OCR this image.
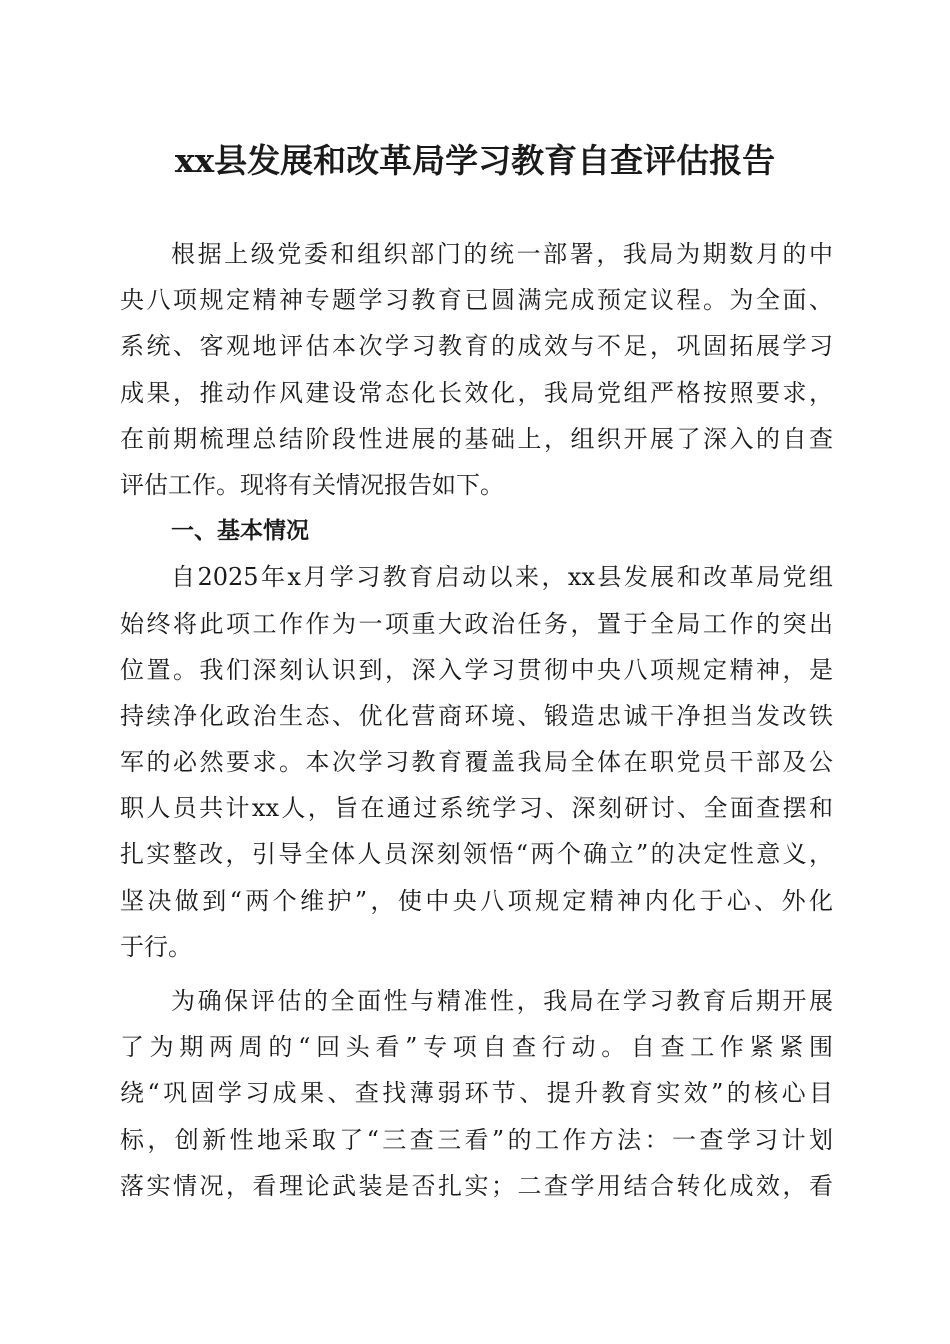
xx县发展和改革局学习教育自查评估报告
根据上级党委和组织部门的统一部署，我局为期数月的中
央八项规定精神专题学习教育已圆满完成预定议程。为全面、
系统、客观地评估本次学习教育的成效与不足，巩固拓展学习
成果，推动作风建设常态化长效化，我局党组严格按照要求，
在前期梳理总结阶段性进展的基础上，组织开展了深入的自查
评估工作。现将有关情况报告如下。
一、基本情况
自2025年x月学习教育启动以来，xx县发展和改革局党组
始终将此项工作作为一项重大政治任务，置于全局工作的突出
位置。我们深刻认识到，深入学习贯彻中央八项规定精神，是
持续净化政治生态、优化营商环境、锻造忠诚干净担当发改铁
军的必然要求。本次学习教育覆盖我局全体在职党员干部及公
职人员共计xx人，旨在通过系统学习、深刻研讨、全面查摆和
扎实整改，引导全体人员深刻领悟“两个确立”的决定性意义，
坚决做到“两个维护”，使中央八项规定精神内化于心、外化
于行。
为确保评估的全面性与精准性，我局在学习教育后期开展
了为期两周的“回头看”专项自查行动。自查工作紧紧围
绕“巩固学习成果、查找薄弱环节、提升教育实效”的核心目
标，创新性地采取了“三查三看”的工作方法：一查学习计划
落实情况，看理论武装是否扎实；二查学用结合转化成效，看
